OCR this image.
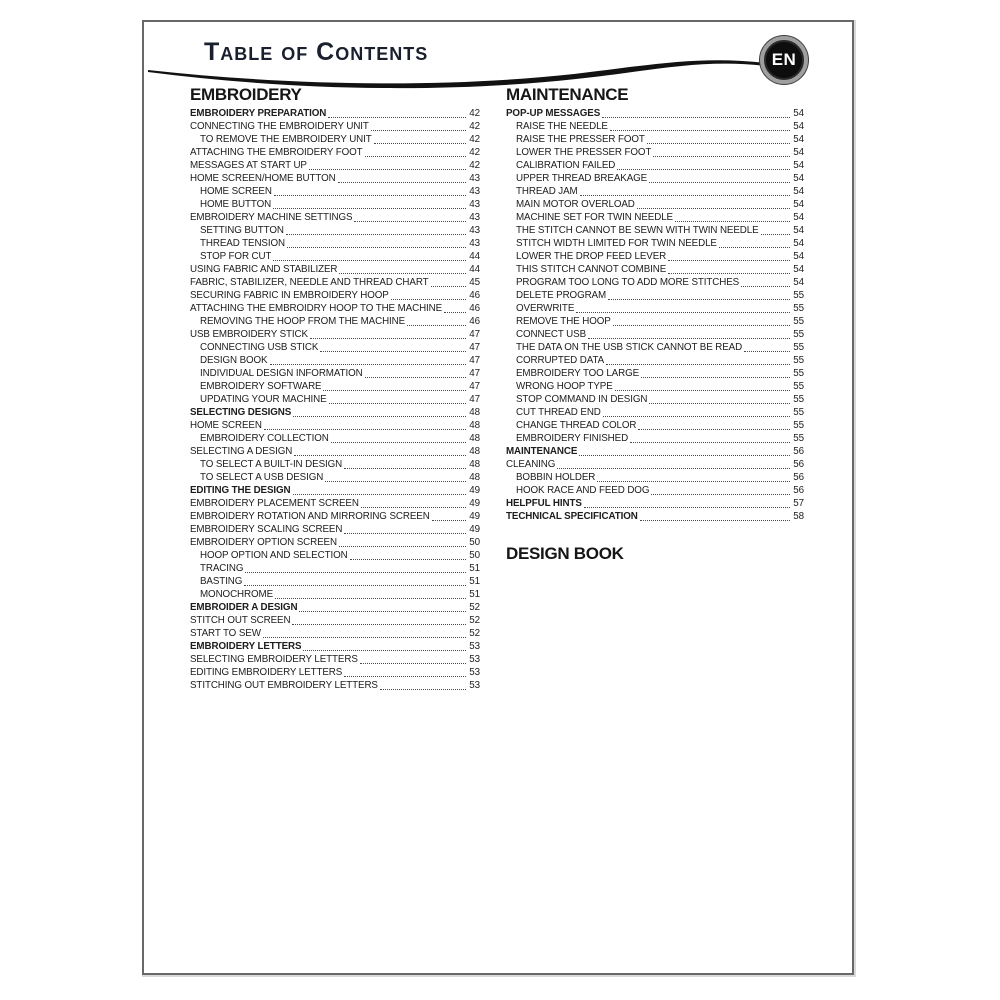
Table of Contents	EN
EMBROIDERY
EMBROIDERY PREPARATION	42
CONNECTING THE EMBROIDERY UNIT	42
TO REMOVE THE EMBROIDERY UNIT	42
ATTACHING THE EMBROIDERY FOOT	42
MESSAGES AT START UP	42
HOME SCREEN/HOME BUTTON	43
HOME SCREEN	43
HOME BUTTON	43
EMBROIDERY MACHINE SETTINGS	43
SETTING BUTTON	43
THREAD TENSION	43
STOP FOR CUT	44
USING FABRIC AND STABILIZER	44
FABRIC, STABILIZER, NEEDLE AND THREAD CHART	45
SECURING FABRIC IN EMBROIDERY HOOP	46
ATTACHING THE EMBROIDRY HOOP TO THE MACHINE	46
REMOVING THE HOOP FROM THE MACHINE	46
USB EMBROIDERY STICK	47
CONNECTING USB STICK	47
DESIGN BOOK	47
INDIVIDUAL DESIGN INFORMATION	47
EMBROIDERY SOFTWARE	47
UPDATING YOUR MACHINE	47
SELECTING DESIGNS	48
HOME SCREEN	48
EMBROIDERY COLLECTION	48
SELECTING A DESIGN	48
TO SELECT A BUILT-IN DESIGN	48
TO SELECT A USB DESIGN	48
EDITING THE DESIGN	49
EMBROIDERY PLACEMENT SCREEN	49
EMBROIDERY ROTATION AND MIRRORING SCREEN	49
EMBROIDERY SCALING SCREEN	49
EMBROIDERY OPTION SCREEN	50
HOOP OPTION AND SELECTION	50
TRACING	51
BASTING	51
MONOCHROME	51
EMBROIDER A DESIGN	52
STITCH OUT SCREEN	52
START TO SEW	52
EMBROIDERY LETTERS	53
SELECTING EMBROIDERY LETTERS	53
EDITING EMBROIDERY LETTERS	53
STITCHING OUT EMBROIDERY LETTERS	53
MAINTENANCE
POP-UP MESSAGES	54
RAISE THE NEEDLE	54
RAISE THE PRESSER FOOT	54
LOWER THE PRESSER FOOT	54
CALIBRATION FAILED	54
UPPER THREAD BREAKAGE	54
THREAD JAM	54
MAIN MOTOR OVERLOAD	54
MACHINE SET FOR TWIN NEEDLE	54
THE STITCH CANNOT BE SEWN WITH TWIN NEEDLE	54
STITCH WIDTH LIMITED FOR TWIN NEEDLE	54
LOWER THE DROP FEED LEVER	54
THIS STITCH CANNOT COMBINE	54
PROGRAM TOO LONG TO ADD MORE STITCHES	54
DELETE PROGRAM	55
OVERWRITE	55
REMOVE THE HOOP	55
CONNECT USB	55
THE DATA ON THE USB STICK CANNOT BE READ	55
CORRUPTED DATA	55
EMBROIDERY TOO LARGE	55
WRONG HOOP TYPE	55
STOP COMMAND IN DESIGN	55
CUT THREAD END	55
CHANGE THREAD COLOR	55
EMBROIDERY FINISHED	55
MAINTENANCE	56
CLEANING	56
BOBBIN HOLDER	56
HOOK RACE AND FEED DOG	56
HELPFUL HINTS	57
TECHNICAL SPECIFICATION	58
DESIGN BOOK
